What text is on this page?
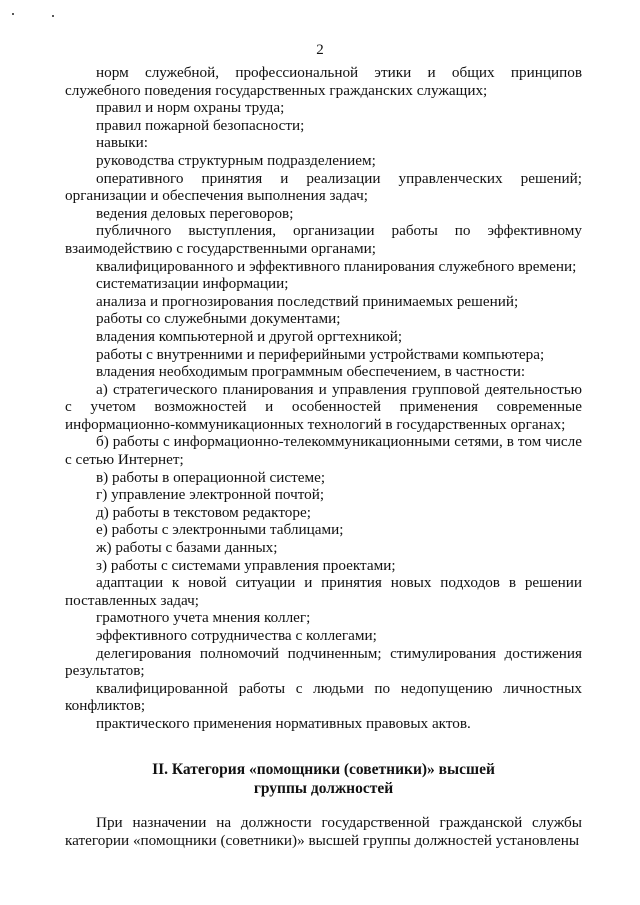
2

норм служебной, профессиональной этики и общих принципов служебного поведения государственных гражданских служащих;

правил и норм охраны труда;

правил пожарной безопасности;

навыки:

руководства структурным подразделением;

оперативного принятия и реализации управленческих решений; организации и обеспечения выполнения задач;

ведения деловых переговоров;

публичного выступления, организации работы по эффективному взаимодействию с государственными органами;

квалифицированного и эффективного планирования служебного времени;

систематизации информации;

анализа и прогнозирования последствий принимаемых решений;

работы со служебными документами;

владения компьютерной и другой оргтехникой;

работы с внутренними и периферийными устройствами компьютера;

владения необходимым программным обеспечением, в частности:

а) стратегического планирования и управления групповой деятельностью с учетом возможностей и особенностей применения современные информационно-коммуникационных технологий в государственных органах;

б) работы с информационно-телекоммуникационными сетями, в том числе с сетью Интернет;

в) работы в операционной системе;

г) управление электронной почтой;

д) работы в текстовом редакторе;

е) работы с электронными таблицами;

ж) работы с базами данных;

з) работы с системами управления проектами;

адаптации к новой ситуации и принятия новых подходов в решении поставленных задач;

грамотного учета мнения коллег;

эффективного сотрудничества с коллегами;

делегирования полномочий подчиненным; стимулирования достижения результатов;

квалифицированной работы с людьми по недопущению личностных конфликтов;

практического применения нормативных правовых актов.

II. Категория «помощники (советники)» высшей
группы должностей

При назначении на должности государственной гражданской службы категории «помощники (советники)» высшей группы должностей установлены
